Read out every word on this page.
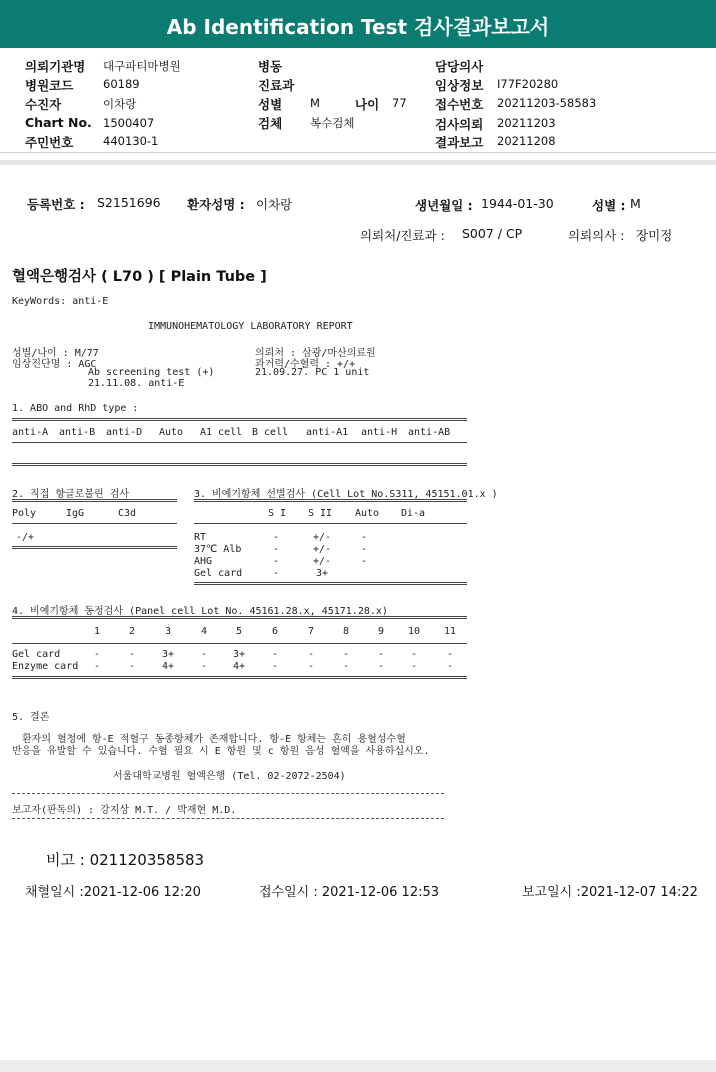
Ab Identification Test 검사결과보고서
의뢰기관명 대구파티마병원
병원코드	60189
수진자	이차랑
Chart No. 1500407
주민번호	440130-1
병동
진료과
성별 M	나이 77
검체 복수검체
담당의사
임상정보 I77F20280
접수번호 20211203-58583
검사의뢰 20211203
결과보고 20211208
등록번호 : S2151696 환자성명 : 이차랑	생년월일 : 1944-01-30	성별 : M
의뢰처/진료과 : S007 / CP	의뢰의사 : 장미정
혈액은행검사 ( L70 ) [ Plain Tube ]
KeyWords: anti-E
IMMUNOHEMATOLOGY LABORATORY REPORT
성별/나이 : M/77
임상진단명 : AGC
Ab screening test (+)
21.11.08. anti-E
의뢰처 : 삼광/마산의료원
과거력/수혈력 : +/+
21.09.27. PC 1 unit
1. ABO and RhD type :
anti-A anti-B anti-D Auto A1 cell B cell anti-A1 anti-H anti-AB
2. 직접 항글로불린 검사
Poly	IgG	C3d
-/+
3. 비예기항체 선별검사 (Cell Lot No.S311, 45151.01.x )
S I S II Auto Di-a
RT	-	+/-	-
37℃ Alb	-	+/-	-
AHG	-	+/-	-
Gel card	-	3+
4. 비예기항체 동정검사 (Panel cell Lot No. 45161.28.x, 45171.28.x)
1	2	3	4	5	6	7	8	9	10	11
Gel card	-	-	3+	-	3+	-	-	-	-	-	-
Enzyme card	-	-	4+	-	4+	-	-	-	-	-	-
5. 결론
환자의 혈청에 항-E 적혈구 동종항체가 존재합니다. 항-E 항체는 흔히 용혈성수혈
반응을 유발할 수 있습니다. 수혈 필요 시 E 항원 및 c 항원 음성 혈액을 사용하십시오.
서울대학교병원 혈액은행 (Tel. 02-2072-2504)
보고자(판독의) : 강지상 M.T. / 박재현 M.D.
비고 : 021120358583
채혈일시 :2021-12-06 12:20	접수일시 : 2021-12-06 12:53	보고일시 :2021-12-07 14:22
